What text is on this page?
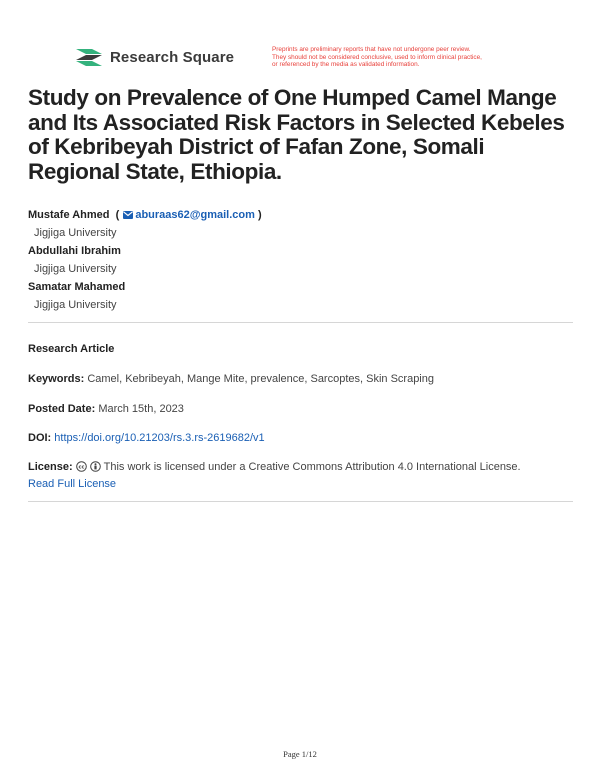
Research Square	Preprints are preliminary reports that have not undergone peer review.
They should not be considered conclusive, used to inform clinical practice,
or referenced by the media as validated information.
Study on Prevalence of One Humped Camel Mange and Its Associated Risk Factors in Selected Kebeles of Kebribeyah District of Fafan Zone, Somali Regional State, Ethiopia.
Mustafe Ahmed  ( aburaas62@gmail.com )
Jigjiga University
Abdullahi Ibrahim
Jigjiga University
Samatar Mahamed
Jigjiga University
Research Article
Keywords: Camel, Kebribeyah, Mange Mite, prevalence, Sarcoptes, Skin Scraping
Posted Date: March 15th, 2023
DOI: https://doi.org/10.21203/rs.3.rs-2619682/v1
License: cc This work is licensed under a Creative Commons Attribution 4.0 International License.
Read Full License
Page 1/12
